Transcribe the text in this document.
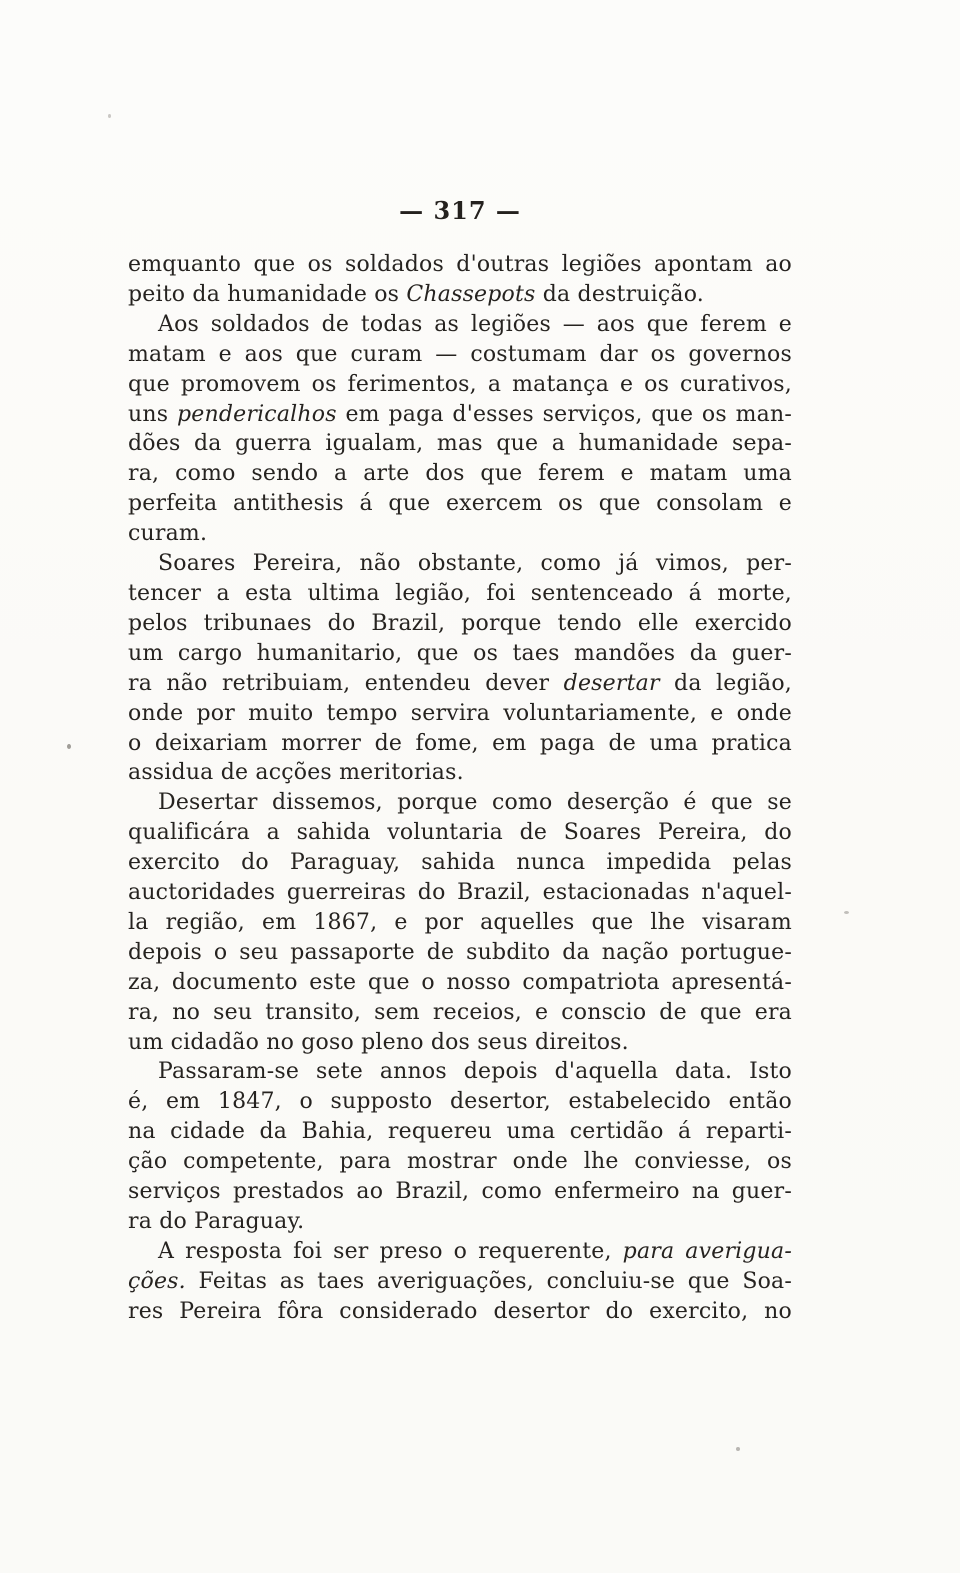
— 317 —
emquanto que os soldados d'outras legiões apontam ao
peito da humanidade os Chassepots da destruição.
Aos soldados de todas as legiões — aos que ferem e
matam e aos que curam — costumam dar os governos
que promovem os ferimentos, a matança e os curativos,
uns pendericalhos em paga d'esses serviços, que os man-
dões da guerra igualam, mas que a humanidade sepa-
ra, como sendo a arte dos que ferem e matam uma
perfeita antithesis á que exercem os que consolam e
curam.
Soares Pereira, não obstante, como já vimos, per-
tencer a esta ultima legião, foi sentenceado á morte,
pelos tribunaes do Brazil, porque tendo elle exercido
um cargo humanitario, que os taes mandões da guer-
ra não retribuiam, entendeu dever desertar da legião,
onde por muito tempo servira voluntariamente, e onde
o deixariam morrer de fome, em paga de uma pratica
assidua de acções meritorias.
Desertar dissemos, porque como deserção é que se
qualificára a sahida voluntaria de Soares Pereira, do
exercito do Paraguay, sahida nunca impedida pelas
auctoridades guerreiras do Brazil, estacionadas n'aquel-
la região, em 1867, e por aquelles que lhe visaram
depois o seu passaporte de subdito da nação portugue-
za, documento este que o nosso compatriota apresentá-
ra, no seu transito, sem receios, e conscio de que era
um cidadão no goso pleno dos seus direitos.
Passaram-se sete annos depois d'aquella data. Isto
é, em 1847, o supposto desertor, estabelecido então
na cidade da Bahia, requereu uma certidão á reparti-
ção competente, para mostrar onde lhe conviesse, os
serviços prestados ao Brazil, como enfermeiro na guer-
ra do Paraguay.
A resposta foi ser preso o requerente, para averigua-
ções. Feitas as taes averiguações, concluiu-se que Soa-
res Pereira fôra considerado desertor do exercito, no
